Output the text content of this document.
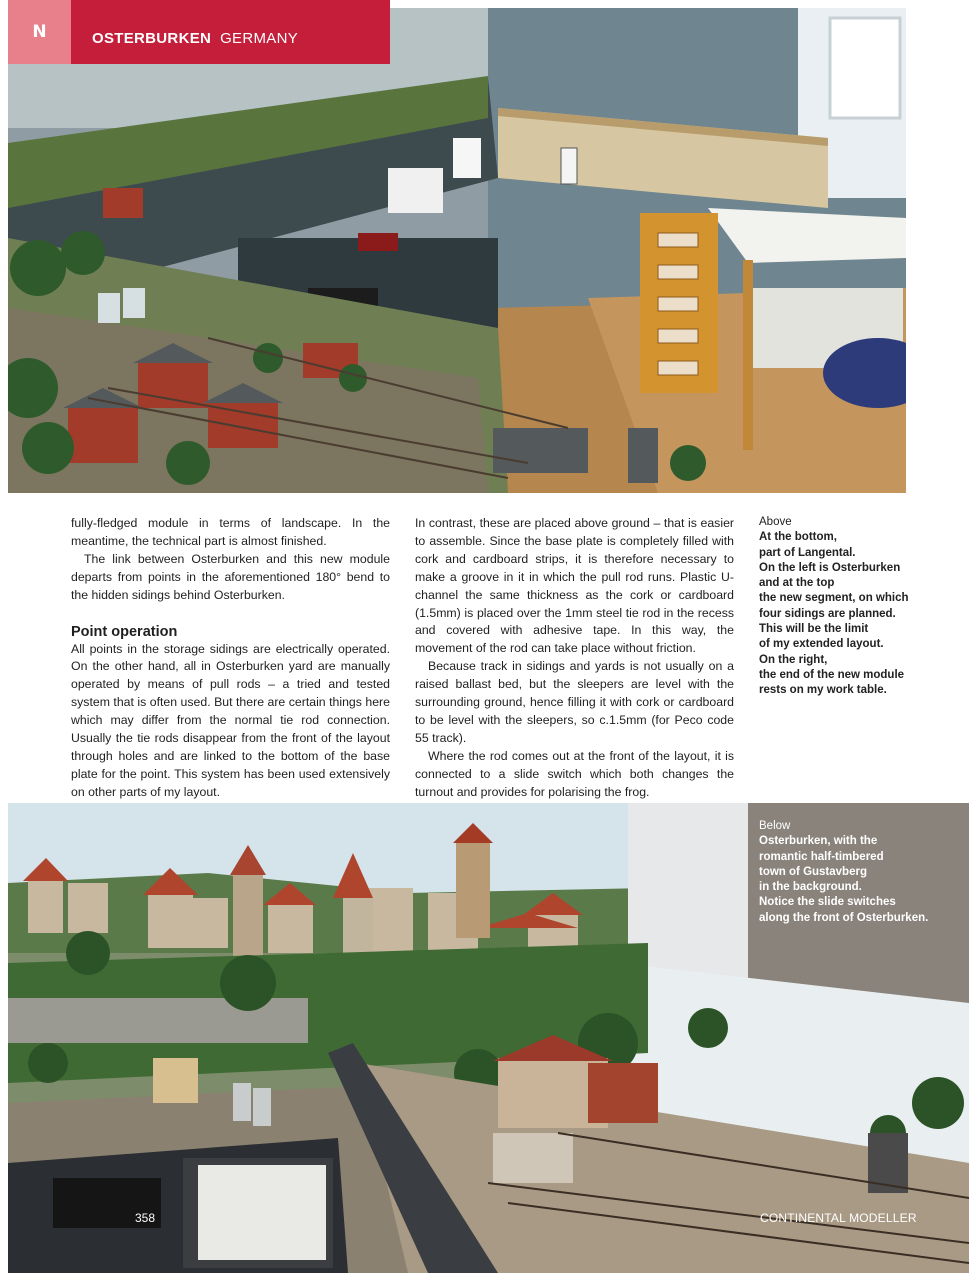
N	OSTERBURKEN GERMANY

fully-fledged module in terms of landscape. In the meantime, the technical part is almost finished.

The link between Osterburken and this new module departs from points in the aforementioned 180° bend to the hidden sidings behind Osterburken.

Point operation

All points in the storage sidings are electrically operated. On the other hand, all in Osterburken yard are manually operated by means of pull rods – a tried and tested system that is often used. But there are certain things here which may differ from the normal tie rod connection. Usually the tie rods disappear from the front of the layout through holes and are linked to the bottom of the base plate for the point. This system has been used extensively on other parts of my layout.

In contrast, these are placed above ground – that is easier to assemble. Since the base plate is completely filled with cork and cardboard strips, it is therefore necessary to make a groove in it in which the pull rod runs. Plastic U-channel the same thickness as the cork or cardboard (1.5mm) is placed over the 1mm steel tie rod in the recess and covered with adhesive tape. In this way, the movement of the rod can take place without friction.

Because track in sidings and yards is not usually on a raised ballast bed, but the sleepers are level with the surrounding ground, hence filling it with cork or cardboard to be level with the sleepers, so c.1.5mm (for Peco code 55 track).

Where the rod comes out at the front of the layout, it is connected to a slide switch which both changes the turnout and provides for polarising the frog.

Above
At the bottom,
part of Langental.
On the left is Osterburken
and at the top
the new segment, on which
four sidings are planned.
This will be the limit
of my extended layout.
On the right,
the end of the new module
rests on my work table.
Below
Osterburken, with the
romantic half-timbered
town of Gustavberg
in the background.
Notice the slide switches
along the front of Osterburken.
358	CONTINENTAL MODELLER
